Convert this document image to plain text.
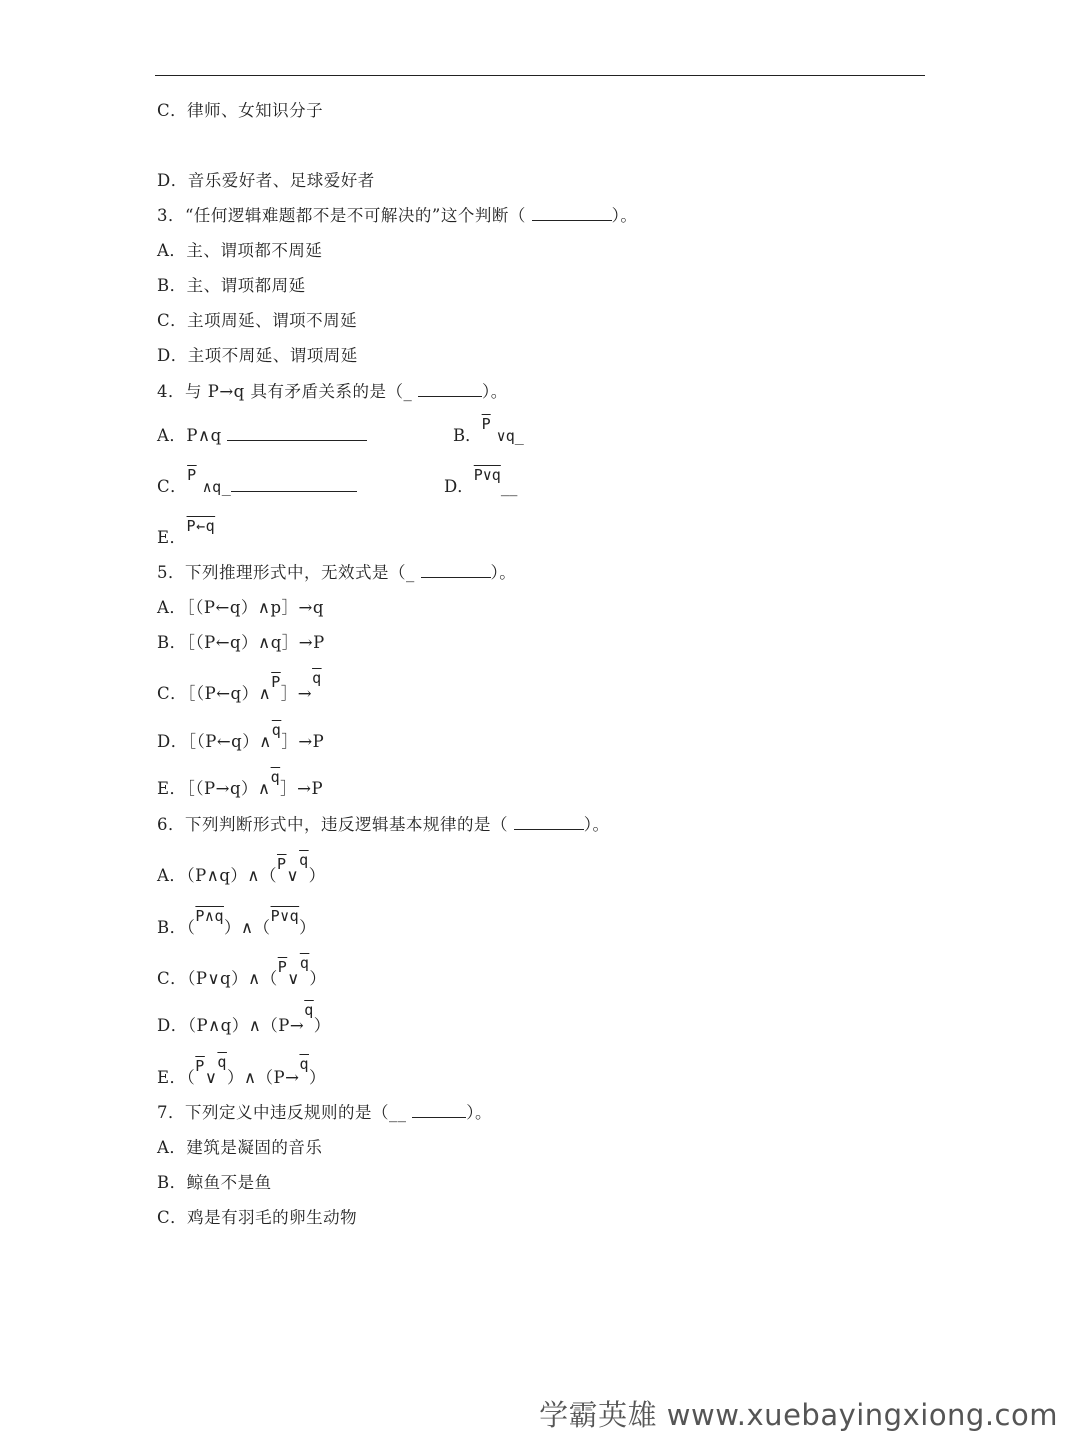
C．律师、女知识分子
D．音乐爱好者、足球爱好者
3．“任何逻辑难题都不是不可解决的”这个判断（	）。
A．主、谓项都不周延
B．主、谓项都周延
C．主项周延、谓项不周延
D．主项不周延、谓项周延
4．与 P→q 具有矛盾关系的是（_	）。
A．P∧q	B．$\overline{P}\vee q\_$
C．$\overline{P}\wedge q\_$	D．P∨q__
E．P←q
5．下列推理形式中，无效式是（_	）。
A．［（P←q）∧p］→q
B．［（P←q）∧q］→P
C．$[(P\leftarrow q)\wedge\overline{P}]\to\overline{q}$
D．$[(P\leftarrow q)\wedge\overline{q}]\to P$
E．$[(P\to q)\wedge\overline{q}]\to P$
6．下列判断形式中，违反逻辑基本规律的是（	）。
A．$(P\wedge q)\wedge(\overline{P}\vee\overline{q})$
B．（P∧q）∧（P∨q）
C．$(P\vee q)\wedge(\overline{P}\vee\overline{q})$
D．$(P\wedge q)\wedge(P\to\overline{q})$
E．$(\overline{P}\vee\overline{q})\wedge(P\to\overline{q})$
7．下列定义中违反规则的是（__	）。
A．建筑是凝固的音乐
B．鲸鱼不是鱼
C．鸡是有羽毛的卵生动物
学霸英雄 www.xuebayingxiong.com
